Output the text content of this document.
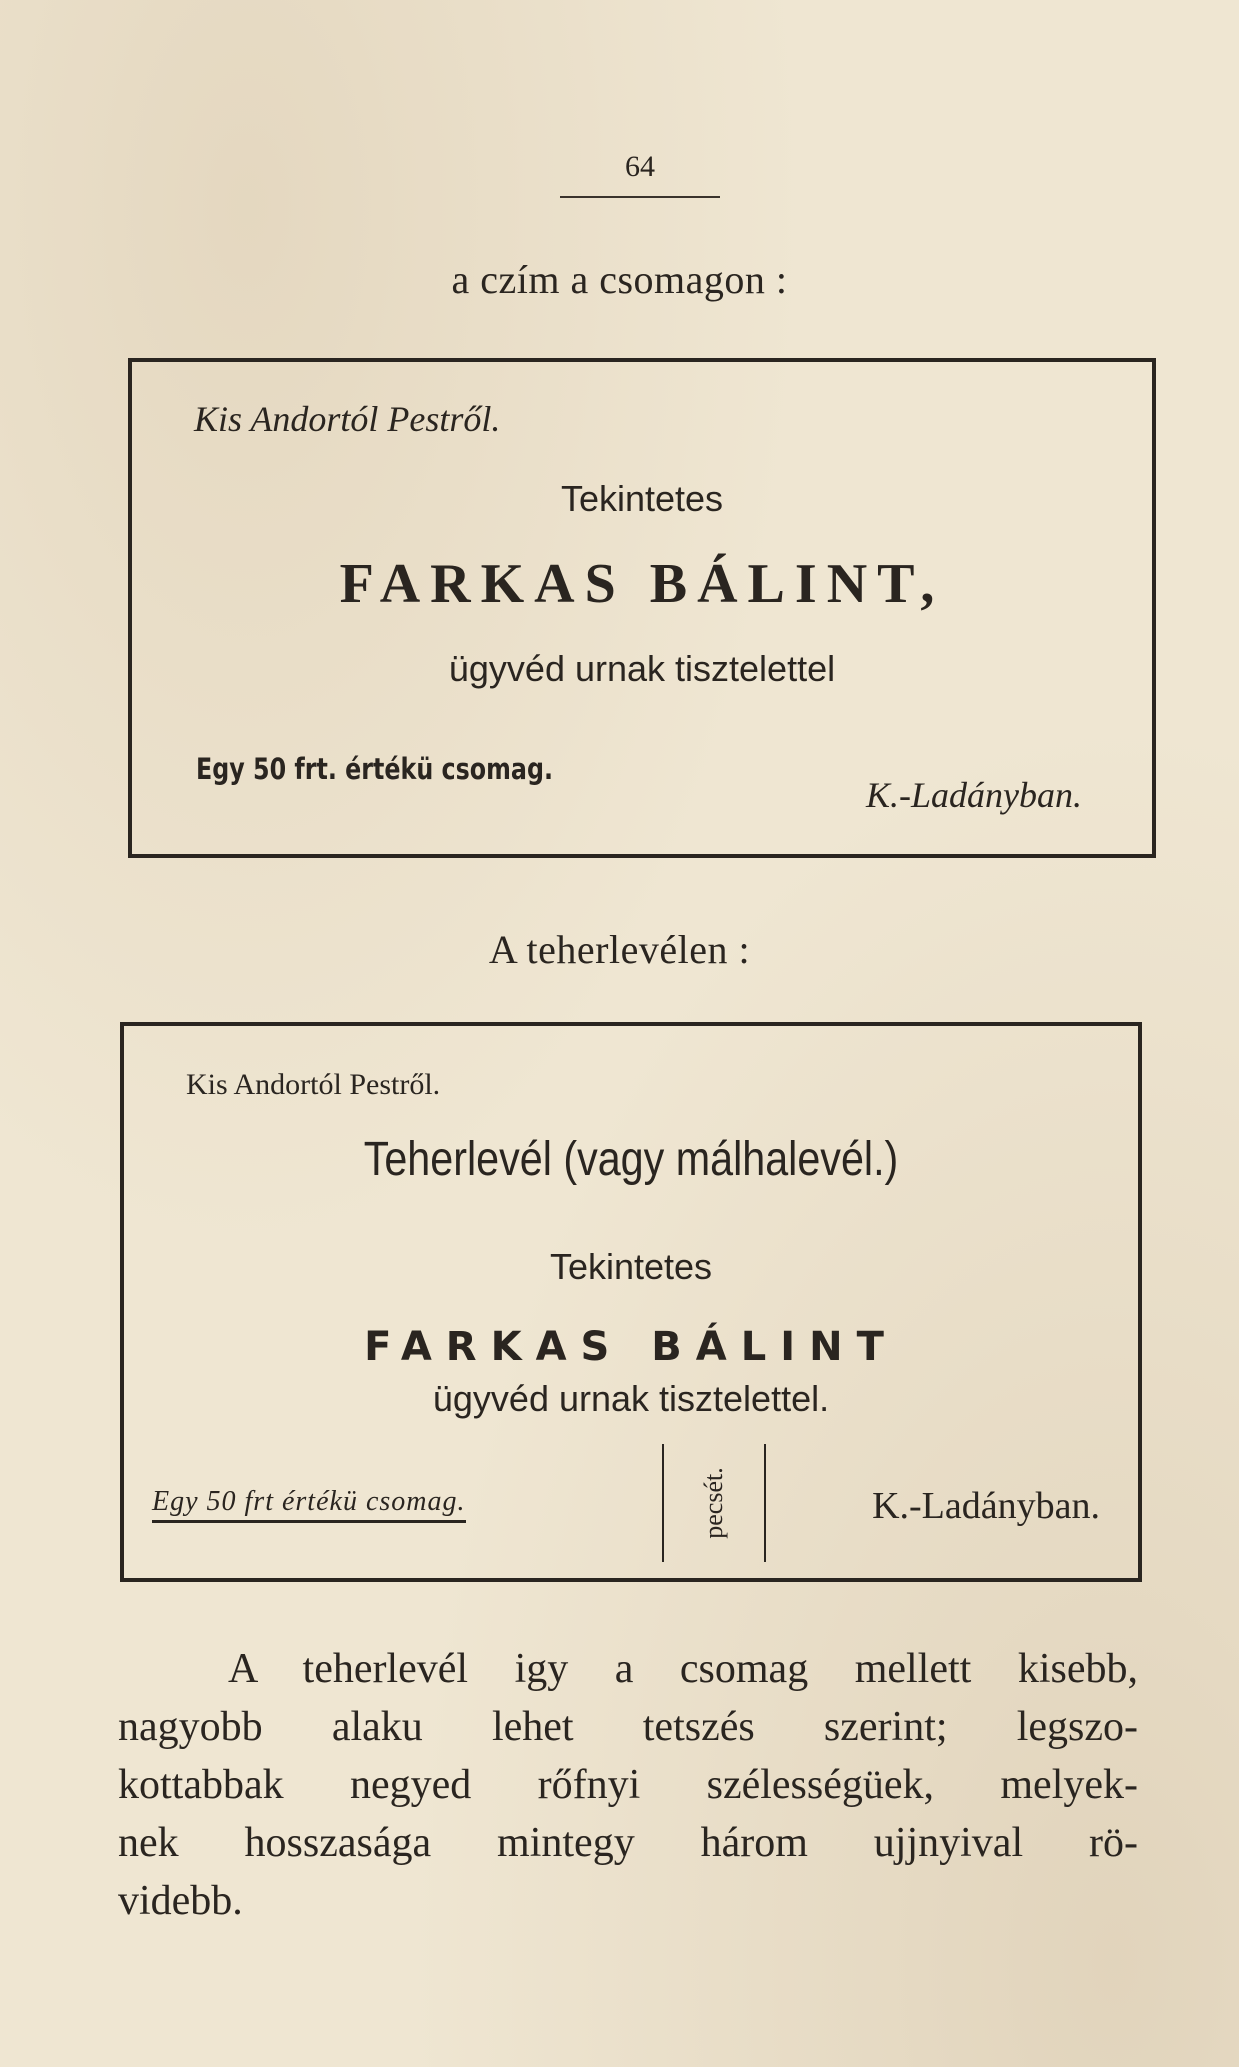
64
a czím a csomagon :
Kis Andortól Pestről.
Tekintetes
FARKAS BÁLINT,
ügyvéd urnak tisztelettel
Egy 50 frt. értékü csomag.
K.-Ladányban.
A teherlevélen :
Kis Andortól Pestről.
Teherlevél (vagy málhalevél.)
Tekintetes
FARKAS BÁLINT
ügyvéd urnak tisztelettel.
Egy 50 frt értékü csomag.	pecsét.	K.-Ladányban.
A teherlevél igy a csomag mellett kisebb,
nagyobb alaku lehet tetszés szerint; legszo-
kottabbak negyed rőfnyi szélességüek, melyek-
nek hosszasága mintegy három ujjnyival rö-
videbb.
